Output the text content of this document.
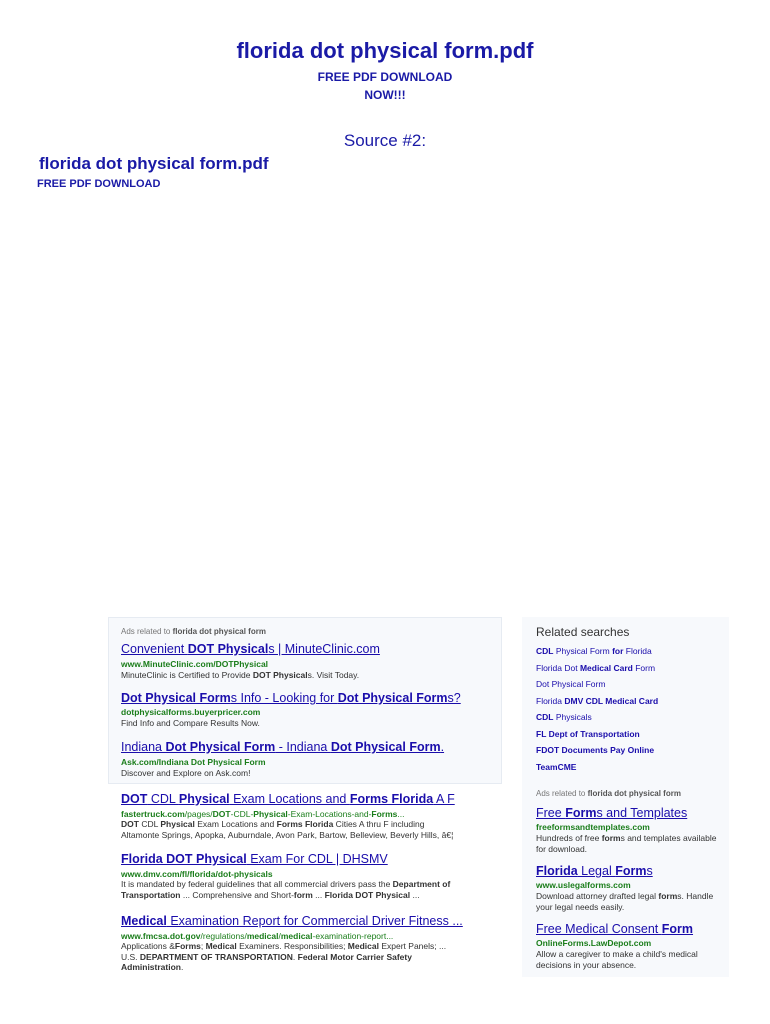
florida dot physical form.pdf
FREE PDF DOWNLOAD
NOW!!!
Source #2:
florida dot physical form.pdf
FREE PDF DOWNLOAD
Ads related to florida dot physical form
Convenient DOT Physicals | MinuteClinic.com
www.MinuteClinic.com/DOTPhysical
MinuteClinic is Certified to Provide DOT Physicals. Visit Today.
Dot Physical Forms Info - Looking for Dot Physical Forms?
dotphysicalforms.buyerpricer.com
Find Info and Compare Results Now.
Indiana Dot Physical Form - Indiana Dot Physical Form.
Ask.com/Indiana Dot Physical Form
Discover and Explore on Ask.com!
DOT CDL Physical Exam Locations and Forms Florida A F
fastertruck.com/pages/DOT-CDL-Physical-Exam-Locations-and-Forms...
DOT CDL Physical Exam Locations and Forms Florida Cities A thru F including
Altamonte Springs, Apopka, Auburndale, Avon Park, Bartow, Belleview, Beverly Hills, â€¦
Florida DOT Physical Exam For CDL | DHSMV
www.dmv.com/fl/florida/dot-physicals
It is mandated by federal guidelines that all commercial drivers pass the Department of
Transportation ... Comprehensive and Short-form ... Florida DOT Physical ...
Medical Examination Report for Commercial Driver Fitness ...
www.fmcsa.dot.gov/regulations/medical/medical-examination-report...
Applications &Forms; Medical Examiners. Responsibilities; Medical Expert Panels; ...
U.S. DEPARTMENT OF TRANSPORTATION. Federal Motor Carrier Safety
Administration.
Related searches
CDL Physical Form for Florida
Florida Dot Medical Card Form
Dot Physical Form
Florida DMV CDL Medical Card
CDL Physicals
FL Dept of Transportation
FDOT Documents Pay Online
TeamCME
Ads related to florida dot physical form
Free Forms and Templates
freeformsandtemplates.com
Hundreds of free forms and templates available for download.
Florida Legal Forms
www.uslegalforms.com
Download attorney drafted legal forms. Handle your legal needs easily.
Free Medical Consent Form
OnlineForms.LawDepot.com
Allow a caregiver to make a child's medical decisions in your absence.
